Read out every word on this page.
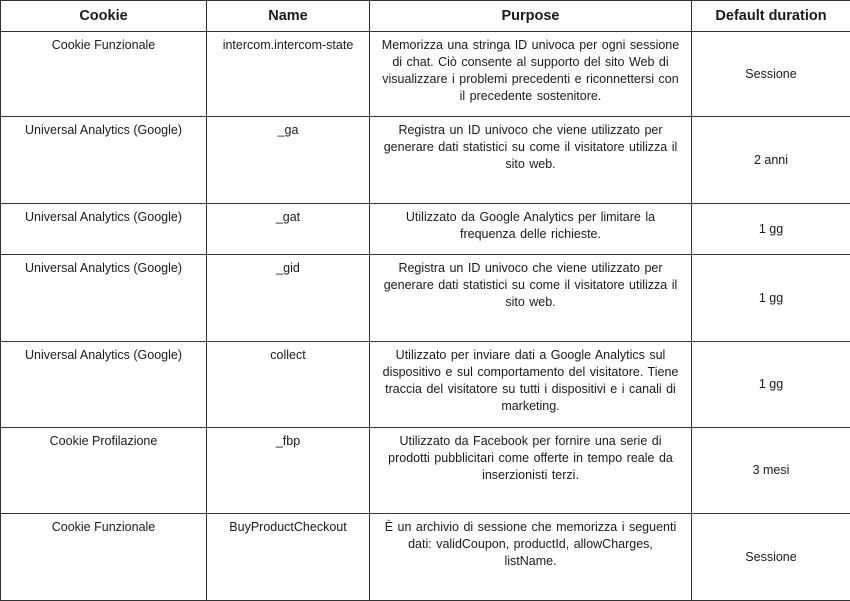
Cookie	Name	Purpose	Default duration
Cookie Funzionale	intercom.intercom-state	Memorizza una stringa ID univoca per ogni sessione di chat. Ciò consente al supporto del sito Web di visualizzare i problemi precedenti e riconnettersi con il precedente sostenitore.	Sessione
Universal Analytics (Google)	_ga	Registra un ID univoco che viene utilizzato per generare dati statistici su come il visitatore utilizza il sito web.	2 anni
Universal Analytics (Google)	_gat	Utilizzato da Google Analytics per limitare la frequenza delle richieste.	1 gg
Universal Analytics (Google)	_gid	Registra un ID univoco che viene utilizzato per generare dati statistici su come il visitatore utilizza il sito web.	1 gg
Universal Analytics (Google)	collect	Utilizzato per inviare dati a Google Analytics sul dispositivo e sul comportamento del visitatore. Tiene traccia del visitatore su tutti i dispositivi e i canali di marketing.	1 gg
Cookie Profilazione	_fbp	Utilizzato da Facebook per fornire una serie di prodotti pubblicitari come offerte in tempo reale da inserzionisti terzi.	3 mesi
Cookie Funzionale	BuyProductCheckout	È un archivio di sessione che memorizza i seguenti dati: validCoupon, productId, allowCharges, listName.	Sessione
